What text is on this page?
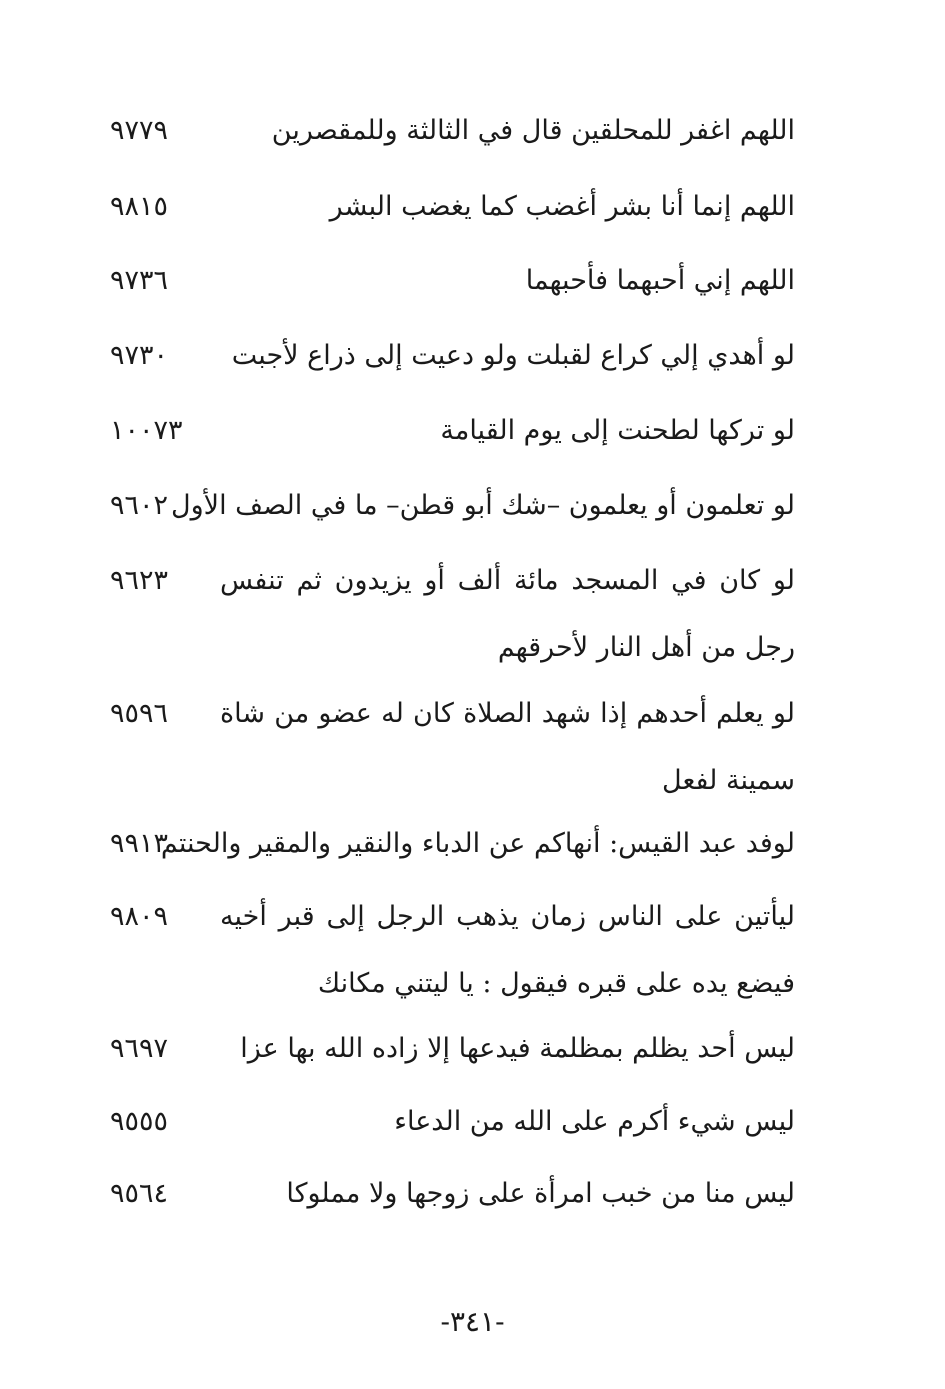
اللهم اغفر للمحلقين قال في الثالثة وللمقصرين
٩٧٧٩
اللهم إنما أنا بشر أغضب كما يغضب البشر
٩٨١٥
اللهم إني أحبهما فأحبهما
٩٧٣٦
لو أهدي إلي كراع لقبلت ولو دعيت إلى ذراع لأجبت
٩٧٣٠
لو تركها لطحنت إلى يوم القيامة
١٠٠٧٣
لو تعلمون أو يعلمون –شك أبو قطن– ما في الصف الأول
٩٦٠٢
لو كان في المسجد مائة ألف أو يزيدون ثم تنفس رجل من أهل النار لأحرقهم
٩٦٢٣
لو يعلم أحدهم إذا شهد الصلاة كان له عضو من شاة سمينة لفعل
٩٥٩٦
لوفد عبد القيس: أنهاكم عن الدباء والنقير والمقير والحنتم
٩٩١٣
ليأتين على الناس زمان يذهب الرجل إلى قبر أخيه فيضع يده على قبره فيقول : يا ليتني مكانك
٩٨٠٩
ليس أحد يظلم بمظلمة فيدعها إلا زاده الله بها عزا
٩٦٩٧
ليس شيء أكرم على الله من الدعاء
٩٥٥٥
ليس منا من خبب امرأة على زوجها ولا مملوكا
٩٥٦٤
-٣٤١-
